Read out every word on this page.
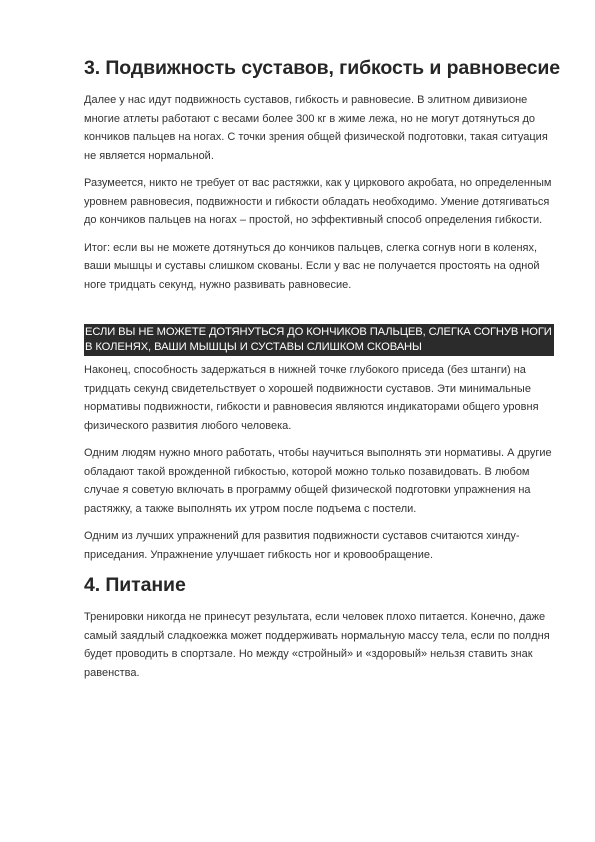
3. Подвижность суставов, гибкость и равновесие

Далее у нас идут подвижность суставов, гибкость и равновесие. В элитном дивизионе многие атлеты работают с весами более 300 кг в жиме лежа, но не могут дотянуться до кончиков пальцев на ногах. С точки зрения общей физической подготовки, такая ситуация не является нормальной.

Разумеется, никто не требует от вас растяжки, как у циркового акробата, но определенным уровнем равновесия, подвижности и гибкости обладать необходимо. Умение дотягиваться до кончиков пальцев на ногах – простой, но эффективный способ определения гибкости.

Итог: если вы не можете дотянуться до кончиков пальцев, слегка согнув ноги в коленях, ваши мышцы и суставы слишком скованы. Если у вас не получается простоять на одной ноге тридцать секунд, нужно развивать равновесие.

ЕСЛИ ВЫ НЕ МОЖЕТЕ ДОТЯНУТЬСЯ ДО КОНЧИКОВ ПАЛЬЦЕВ, СЛЕГКА СОГНУВ НОГИ В КОЛЕНЯХ, ВАШИ МЫШЦЫ И СУСТАВЫ СЛИШКОМ СКОВАНЫ

Наконец, способность задержаться в нижней точке глубокого приседа (без штанги) на тридцать секунд свидетельствует о хорошей подвижности суставов. Эти минимальные нормативы подвижности, гибкости и равновесия являются индикаторами общего уровня физического развития любого человека.

Одним людям нужно много работать, чтобы научиться выполнять эти нормативы. А другие обладают такой врожденной гибкостью, которой можно только позавидовать. В любом случае я советую включать в программу общей физической подготовки упражнения на растяжку, а также выполнять их утром после подъема с постели.

Одним из лучших упражнений для развития подвижности суставов считаются хинду-приседания. Упражнение улучшает гибкость ног и кровообращение.

4. Питание

Тренировки никогда не принесут результата, если человек плохо питается. Конечно, даже самый заядлый сладкоежка может поддерживать нормальную массу тела, если по полдня будет проводить в спортзале. Но между «стройный» и «здоровый» нельзя ставить знак равенства.
